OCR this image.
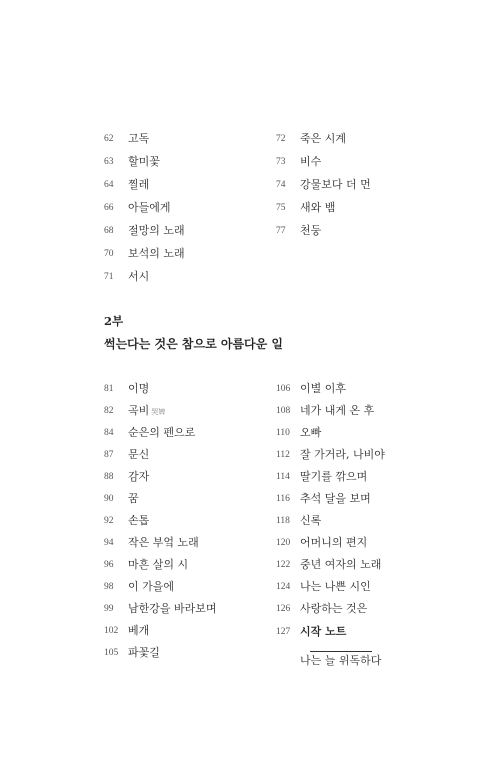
62	고독
63	할미꽃
64	찔레
66	아들에게
68	절망의 노래
70	보석의 노래
71	서시
72	죽은 시계
73	비수
74	강물보다 더 먼
75	새와 뱀
77	천둥
2부
썩는다는 것은 참으로 아름다운 일
81	이명
82	곡비 哭婢
84	순은의 펜으로
87	문신
88	감자
90	꿈
92	손톱
94	작은 부엌 노래
96	마흔 살의 시
98	이 가을에
99	남한강을 바라보며
102 베개
105 파꽃길
106 이별 이후
108 네가 내게 온 후
110 오빠
112 잘 가거라, 나비야
114 딸기를 깎으며
116 추석 달을 보며
118 신록
120 어머니의 편지
122 중년 여자의 노래
124 나는 나쁜 시인
126 사랑하는 것은
127 시작 노트
나는 늘 위독하다
